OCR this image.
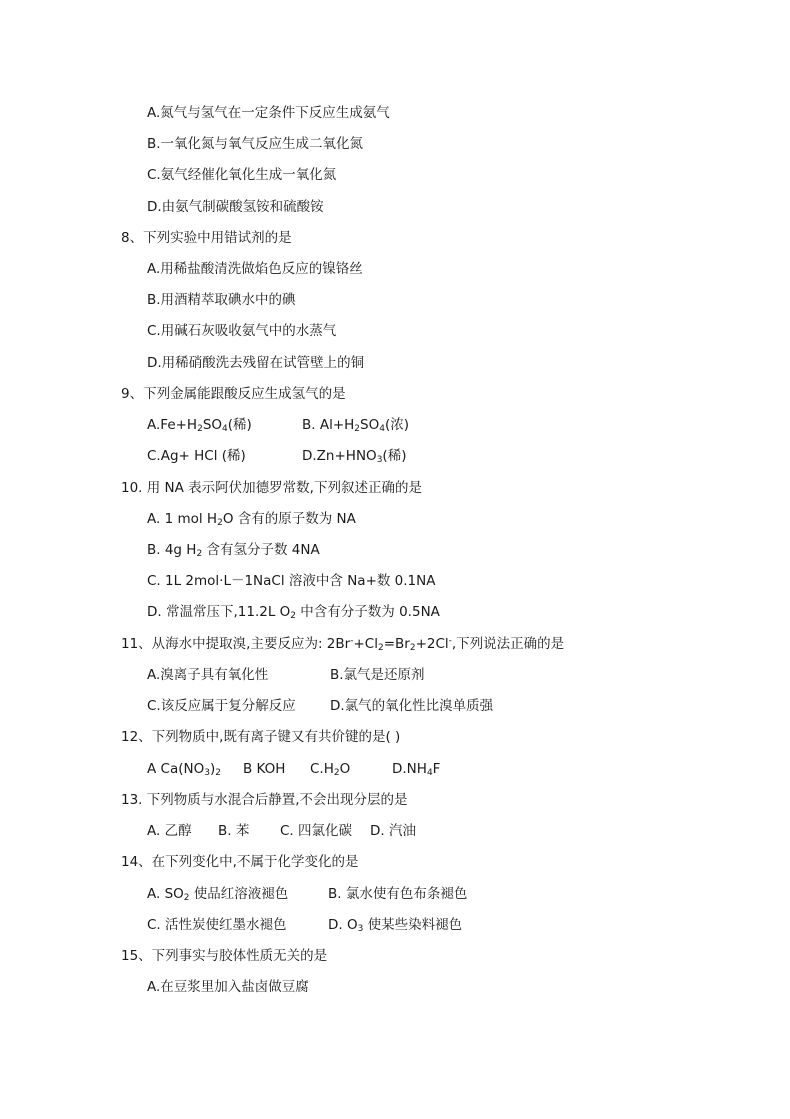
A.氮气与氢气在一定条件下反应生成氨气
B.一氧化氮与氧气反应生成二氧化氮
C.氨气经催化氧化生成一氧化氮
D.由氨气制碳酸氢铵和硫酸铵
8、下列实验中用错试剂的是
A.用稀盐酸清洗做焰色反应的镍铬丝
B.用酒精萃取碘水中的碘
C.用碱石灰吸收氨气中的水蒸气
D.用稀硝酸洗去残留在试管壁上的铜
9、下列金属能跟酸反应生成氢气的是
$A.Fe+H_2SO_4$(稀)	B. $Al+H_2SO_4$(浓)
C.Ag+ HCl (稀)	$D.Zn+HNO_3$(稀)
10. 用 NA 表示阿伏加德罗常数,下列叙述正确的是
A. 1 mol $H_2O$ 含有的原子数为 NA
B. 4g $H_2$ 含有氢分子数 4NA
C. 1L 2mol·L－1NaCl 溶液中含 Na+数 0.1NA
D. 常温常压下,11.2L $O_2$ 中含有分子数为 0.5NA
11、从海水中提取溴,主要反应为: $2Br^-+Cl_2=Br_2+2Cl^-$,下列说法正确的是
A.溴离子具有氧化性	B.氯气是还原剂
C.该反应属于复分解反应	D.氯气的氧化性比溴单质强
12、下列物质中,既有离子键又有共价键的是( )
A $Ca(NO_3)_2$ B KOH $C.H_2O$	$D.NH_4F$
13. 下列物质与水混合后静置,不会出现分层的是
A. 乙醇 B. 苯 C. 四氯化碳 D. 汽油
14、在下列变化中,不属于化学变化的是
A. $SO_2$ 使品红溶液褪色	B. 氯水使有色布条褪色
C. 活性炭使红墨水褪色	D. $O_3$ 使某些染料褪色
15、下列事实与胶体性质无关的是
A.在豆浆里加入盐卤做豆腐
